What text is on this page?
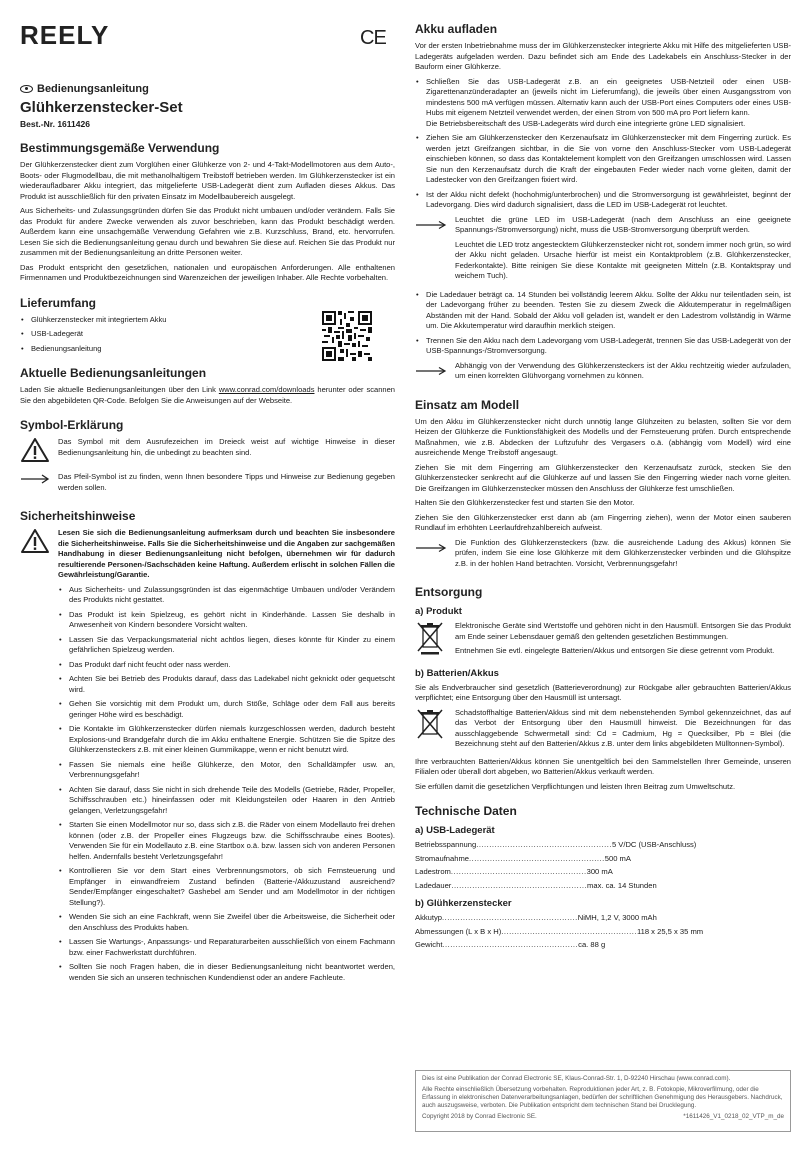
REELY	CE
Bedienungsanleitung
Glühkerzenstecker-Set
Best.-Nr. 1611426
Bestimmungsgemäße Verwendung

Der Glühkerzenstecker dient zum Vorglühen einer Glühkerze von 2- und 4-Takt-Modellmotoren aus dem Auto-, Boots- oder Flugmodellbau, die mit methanolhaltigem Treibstoff betrieben werden. Im Glühkerzenstecker ist ein wiederaufladbarer Akku integriert, das mitgelieferte USB-Ladegerät dient zum Aufladen dieses Akkus. Das Produkt ist ausschließlich für den privaten Einsatz im Modellbaubereich ausgelegt.

Aus Sicherheits- und Zulassungsgründen dürfen Sie das Produkt nicht umbauen und/oder verändern. Falls Sie das Produkt für andere Zwecke verwenden als zuvor beschrieben, kann das Produkt beschädigt werden. Außerdem kann eine unsachgemäße Verwendung Gefahren wie z.B. Kurzschluss, Brand, etc. hervorrufen. Lesen Sie sich die Bedienungsanleitung genau durch und bewahren Sie diese auf. Reichen Sie das Produkt nur zusammen mit der Bedienungsanleitung an dritte Personen weiter.

Das Produkt entspricht den gesetzlichen, nationalen und europäischen Anforderungen. Alle enthaltenen Firmennamen und Produktbezeichnungen sind Warenzeichen der jeweiligen Inhaber. Alle Rechte vorbehalten.

Lieferumfang
• Glühkerzenstecker mit integriertem Akku
• USB-Ladegerät
• Bedienungsanleitung
Aktuelle Bedienungsanleitungen

Laden Sie aktuelle Bedienungsanleitungen über den Link www.conrad.com/downloads herunter oder scannen Sie den abgebildeten QR-Code. Befolgen Sie die Anweisungen auf der Webseite.

Symbol-Erklärung

Das Symbol mit dem Ausrufezeichen im Dreieck weist auf wichtige Hinweise in dieser Bedienungsanleitung hin, die unbedingt zu beachten sind.

Das Pfeil-Symbol ist zu finden, wenn Ihnen besondere Tipps und Hinweise zur Bedienung gegeben werden sollen.

Sicherheitshinweise

Lesen Sie sich die Bedienungsanleitung aufmerksam durch und beachten Sie insbesondere die Sicherheitshinweise. Falls Sie die Sicherheitshinweise und die Angaben zur sachgemäßen Handhabung in dieser Bedienungsanleitung nicht befolgen, übernehmen wir für dadurch resultierende Personen-/Sachschäden keine Haftung. Außerdem erlischt in solchen Fällen die Gewährleistung/Garantie.

• Aus Sicherheits- und Zulassungsgründen ist das eigenmächtige Umbauen und/oder Verändern des Produkts nicht gestattet.
• Das Produkt ist kein Spielzeug, es gehört nicht in Kinderhände. Lassen Sie deshalb in Anwesenheit von Kindern besondere Vorsicht walten.
• Lassen Sie das Verpackungsmaterial nicht achtlos liegen, dieses könnte für Kinder zu einem gefährlichen Spielzeug werden.
• Das Produkt darf nicht feucht oder nass werden.
• Achten Sie bei Betrieb des Produkts darauf, dass das Ladekabel nicht geknickt oder gequetscht wird.
• Gehen Sie vorsichtig mit dem Produkt um, durch Stöße, Schläge oder dem Fall aus bereits geringer Höhe wird es beschädigt.
• Die Kontakte im Glühkerzenstecker dürfen niemals kurzgeschlossen werden, dadurch besteht Explosions-und Brandgefahr durch die im Akku enthaltene Energie. Schützen Sie die Spitze des Glühkerzensteckers z.B. mit einer kleinen Gummikappe, wenn er nicht benutzt wird.
• Fassen Sie niemals eine heiße Glühkerze, den Motor, den Schalldämpfer usw. an, Verbrennungsgefahr!
• Achten Sie darauf, dass Sie nicht in sich drehende Teile des Modells (Getriebe, Räder, Propeller, Schiffsschrauben etc.) hineinfassen oder mit Kleidungsteilen oder Haaren in den Antrieb gelangen, Verletzungsgefahr!
• Starten Sie einen Modellmotor nur so, dass sich z.B. die Räder von einem Modellauto frei drehen können (oder z.B. der Propeller eines Flugzeugs bzw. die Schiffsschraube eines Bootes). Verwenden Sie für ein Modellauto z.B. eine Startbox o.ä. bzw. lassen sich von anderen Personen helfen. Andernfalls besteht Verletzungsgefahr!
• Kontrollieren Sie vor dem Start eines Verbrennungsmotors, ob sich Fernsteuerung und Empfänger in einwandfreiem Zustand befinden (Batterie-/Akkuzustand ausreichend? Sender/Empfänger eingeschaltet? Gashebel am Sender und am Modellmotor in der richtigen Stellung?).
• Wenden Sie sich an eine Fachkraft, wenn Sie Zweifel über die Arbeitsweise, die Sicherheit oder den Anschluss des Produkts haben.
• Lassen Sie Wartungs-, Anpassungs- und Reparaturarbeiten ausschließlich von einem Fachmann bzw. einer Fachwerkstatt durchführen.
• Sollten Sie noch Fragen haben, die in dieser Bedienungsanleitung nicht beantwortet werden, wenden Sie sich an unseren technischen Kundendienst oder an andere Fachleute.
Akku aufladen

Vor der ersten Inbetriebnahme muss der im Glühkerzenstecker integrierte Akku mit Hilfe des mitgelieferten USB-Ladegeräts aufgeladen werden. Dazu befindet sich am Ende des Ladekabels ein Anschluss-Stecker in der Bauform einer Glühkerze.

• Schließen Sie das USB-Ladegerät z.B. an ein geeignetes USB-Netzteil oder einen USB-Zigarettenanzünderadapter an (jeweils nicht im Lieferumfang), die jeweils über einen Ausgangsstrom von mindestens 500 mA verfügen müssen. Alternativ kann auch der USB-Port eines Computers oder eines USB-Hubs mit eigenem Netzteil verwendet werden, der einen Strom von 500 mA pro Port liefern kann.
Die Betriebsbereitschaft des USB-Ladegeräts wird durch eine integrierte grüne LED signalisiert.
• Ziehen Sie am Glühkerzenstecker den Kerzenaufsatz im Glühkerzenstecker mit dem Fingerring zurück. Es werden jetzt Greifzangen sichtbar, in die Sie von vorne den Anschluss-Stecker vom USB-Ladegerät einschieben können, so dass das Kontaktelement komplett von den Greifzangen umschlossen wird. Lassen Sie nun den Kerzenaufsatz durch die Kraft der eingebauten Feder wieder nach vorne gleiten, damit der Ladestecker von den Greifzangen fixiert wird.
• Ist der Akku nicht defekt (hochohmig/unterbrochen) und die Stromversorgung ist gewährleistet, beginnt der Ladevorgang. Dies wird dadurch signalisiert, dass die LED im USB-Ladegerät rot leuchtet.

Leuchtet die grüne LED im USB-Ladegerät (nach dem Anschluss an eine geeignete Spannungs-/Stromversorgung) nicht, muss die USB-Stromversorgung überprüft werden.

Leuchtet die LED trotz angestecktem Glühkerzenstecker nicht rot, sondern immer noch grün, so wird der Akku nicht geladen. Ursache hierfür ist meist ein Kontaktproblem (z.B. Glühkerzenstecker, Federkontakte). Bitte reinigen Sie diese Kontakte mit geeigneten Mitteln (z.B. Kontaktspray und weichem Tuch).

• Die Ladedauer beträgt ca. 14 Stunden bei vollständig leerem Akku. Sollte der Akku nur teilentladen sein, ist der Ladevorgang früher zu beenden. Testen Sie zu diesem Zweck die Akkutemperatur in regelmäßigen Abständen mit der Hand. Sobald der Akku voll geladen ist, wandelt er den Ladestrom vollständig in Wärme um. Die Akkutemperatur wird daraufhin merklich steigen.
• Trennen Sie den Akku nach dem Ladevorgang vom USB-Ladegerät, trennen Sie das USB-Ladegerät von der USB-Spannungs-/Stromversorgung.

Abhängig von der Verwendung des Glühkerzensteckers ist der Akku rechtzeitig wieder aufzuladen, um einen korrekten Glühvorgang vornehmen zu können.

Einsatz am Modell

Um den Akku im Glühkerzenstecker nicht durch unnötig lange Glühzeiten zu belasten, sollten Sie vor dem Heizen der Glühkerze die Funktionsfähigkeit des Modells und der Fernsteuerung prüfen. Durch entsprechende Maßnahmen, wie z.B. Abdecken der Luftzufuhr des Vergasers o.ä. (abhängig vom Modell) wird eine ausreichende Menge Treibstoff angesaugt.

Ziehen Sie mit dem Fingerring am Glühkerzenstecker den Kerzenaufsatz zurück, stecken Sie den Glühkerzenstecker senkrecht auf die Glühkerze auf und lassen Sie den Fingerring wieder nach vorne gleiten. Die Greifzangen im Glühkerzenstecker müssen den Anschluss der Glühkerze fest umschließen.

Halten Sie den Glühkerzenstecker fest und starten Sie den Motor.

Ziehen Sie den Glühkerzenstecker erst dann ab (am Fingerring ziehen), wenn der Motor einen sauberen Rundlauf im erhöhten Leerlaufdrehzahlbereich aufweist.

Die Funktion des Glühkerzensteckers (bzw. die ausreichende Ladung des Akkus) können Sie prüfen, indem Sie eine lose Glühkerze mit dem Glühkerzenstecker verbinden und die Glühspitze z.B. in der hohlen Hand betrachten. Vorsicht, Verbrennungsgefahr!

Entsorgung
a) Produkt

Elektronische Geräte sind Wertstoffe und gehören nicht in den Hausmüll. Entsorgen Sie das Produkt am Ende seiner Lebensdauer gemäß den geltenden gesetzlichen Bestimmungen.

Entnehmen Sie evtl. eingelegte Batterien/Akkus und entsorgen Sie diese getrennt vom Produkt.

b) Batterien/Akkus

Sie als Endverbraucher sind gesetzlich (Batterieverordnung) zur Rückgabe aller gebrauchten Batterien/Akkus verpflichtet; eine Entsorgung über den Hausmüll ist untersagt.

Schadstoffhaltige Batterien/Akkus sind mit dem nebenstehenden Symbol gekennzeichnet, das auf das Verbot der Entsorgung über den Hausmüll hinweist. Die Bezeichnungen für das ausschlaggebende Schwermetall sind: Cd = Cadmium, Hg = Quecksilber, Pb = Blei (die Bezeichnung steht auf den Batterien/Akkus z.B. unter dem links abgebildeten Mülltonnen-Symbol).

Ihre verbrauchten Batterien/Akkus können Sie unentgeltlich bei den Sammelstellen Ihrer Gemeinde, unseren Filialen oder überall dort abgeben, wo Batterien/Akkus verkauft werden.

Sie erfüllen damit die gesetzlichen Verpflichtungen und leisten Ihren Beitrag zum Umweltschutz.

Technische Daten
a) USB-Ladegerät
Betriebsspannung.................................................... 5 V/DC (USB-Anschluss)
Stromaufnahme.................................................... 500 mA
Ladestrom.................................................... 300 mA
Ladedauer.................................................... max. ca. 14 Stunden
b) Glühkerzenstecker
Akkutyp.................................................... NiMH, 1,2 V, 3000 mAh
Abmessungen (L x B x H).................................................... 118 x 25,5 x 35 mm
Gewicht.................................................... ca. 88 g
Dies ist eine Publikation der Conrad Electronic SE, Klaus-Conrad-Str. 1, D-92240 Hirschau (www.conrad.com).
Alle Rechte einschließlich Übersetzung vorbehalten. Reproduktionen jeder Art, z. B. Fotokopie, Mikroverfilmung, oder die Erfassung in elektronischen Datenverarbeitungsanlagen, bedürfen der schriftlichen Genehmigung des Herausgebers. Nachdruck, auch auszugsweise, verboten. Die Publikation entspricht dem technischen Stand bei Drucklegung.
Copyright 2018 by Conrad Electronic SE.	*1611426_V1_0218_02_VTP_m_de
